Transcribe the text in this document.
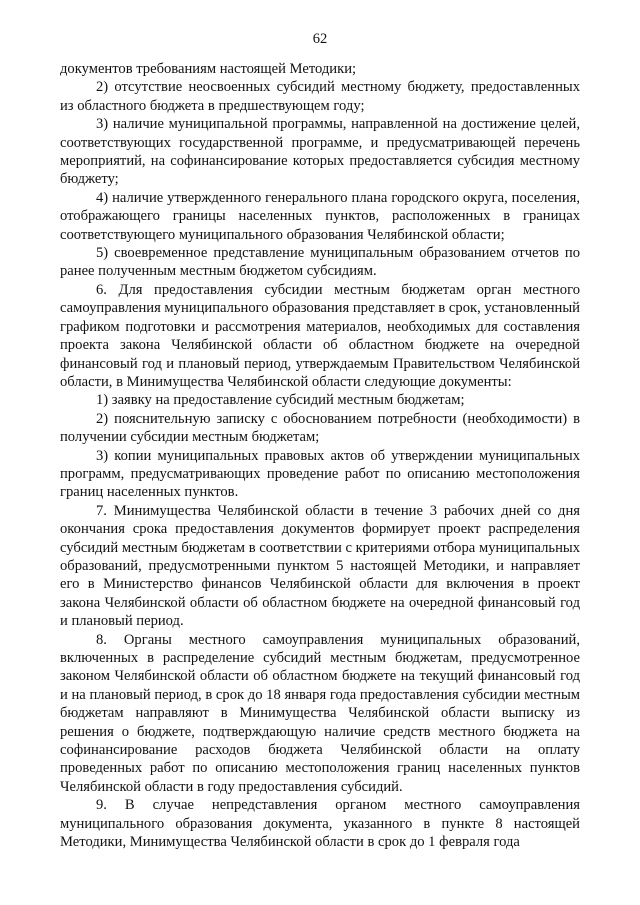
62

документов требованиям настоящей Методики;

2) отсутствие неосвоенных субсидий местному бюджету, предоставленных из областного бюджета в предшествующем году;

3) наличие муниципальной программы, направленной на достижение целей, соответствующих государственной программе, и предусматривающей перечень мероприятий, на софинансирование которых предоставляется субсидия местному бюджету;

4) наличие утвержденного генерального плана городского округа, поселения, отображающего границы населенных пунктов, расположенных в границах соответствующего муниципального образования Челябинской области;

5) своевременное представление муниципальным образованием отчетов по ранее полученным местным бюджетом субсидиям.

6. Для предоставления субсидии местным бюджетам орган местного самоуправления муниципального образования представляет в срок, установленный графиком подготовки и рассмотрения материалов, необходимых для составления проекта закона Челябинской области об областном бюджете на очередной финансовый год и плановый период, утверждаемым Правительством Челябинской области, в Минимущества Челябинской области следующие документы:

1) заявку на предоставление субсидий местным бюджетам;

2) пояснительную записку с обоснованием потребности (необходимости) в получении субсидии местным бюджетам;

3) копии муниципальных правовых актов об утверждении муниципальных программ, предусматривающих проведение работ по описанию местоположения границ населенных пунктов.

7. Минимущества Челябинской области в течение 3 рабочих дней со дня окончания срока предоставления документов формирует проект распределения субсидий местным бюджетам в соответствии с критериями отбора муниципальных образований, предусмотренными пунктом 5 настоящей Методики, и направляет его в Министерство финансов Челябинской области для включения в проект закона Челябинской области об областном бюджете на очередной финансовый год и плановый период.

8. Органы местного самоуправления муниципальных образований, включенных в распределение субсидий местным бюджетам, предусмотренное законом Челябинской области об областном бюджете на текущий финансовый год и на плановый период, в срок до 18 января года предоставления субсидии местным бюджетам направляют в Минимущества Челябинской области выписку из решения о бюджете, подтверждающую наличие средств местного бюджета на софинансирование расходов бюджета Челябинской области на оплату проведенных работ по описанию местоположения границ населенных пунктов Челябинской области в году предоставления субсидий.

9. В случае непредставления органом местного самоуправления муниципального образования документа, указанного в пункте 8 настоящей Методики, Минимущества Челябинской области в срок до 1 февраля года
